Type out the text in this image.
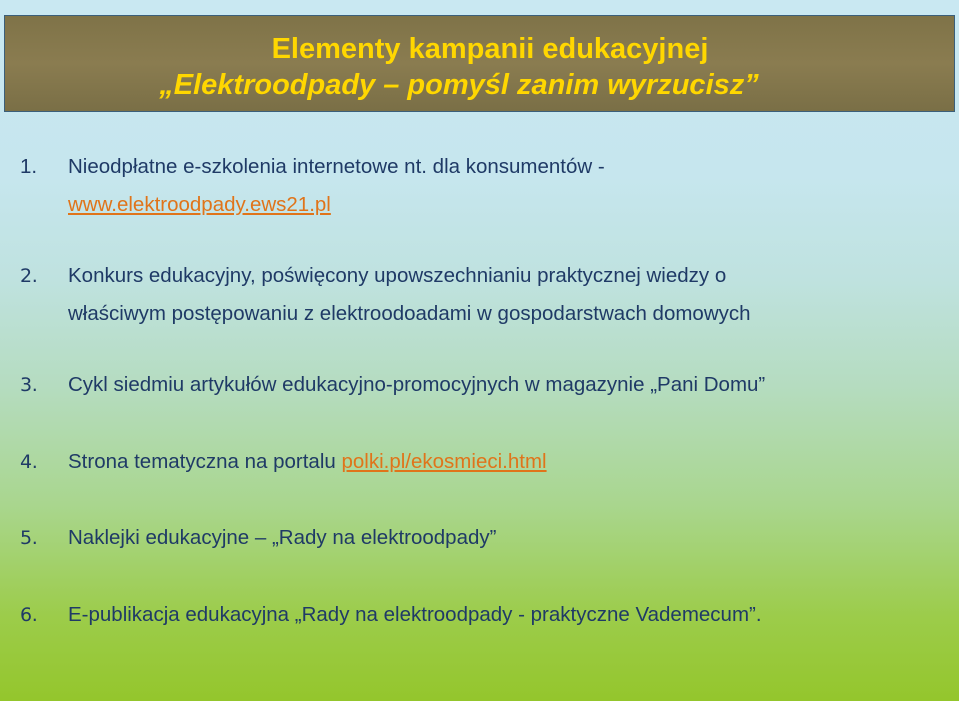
Elementy kampanii edukacyjnej
„Elektroodpady – pomyśl zanim wyrzucisz”
1. Nieodpłatne e-szkolenia internetowe nt. dla konsumentów -
www.elektroodpady.ews21.pl
2. Konkurs edukacyjny, poświęcony upowszechnianiu praktycznej wiedzy o
właściwym postępowaniu z elektroodoadami w gospodarstwach domowych
3. Cykl siedmiu artykułów edukacyjno-promocyjnych w magazynie „Pani Domu”
4. Strona tematyczna na portalu polki.pl/ekosmieci.html
5. Naklejki edukacyjne – „Rady na elektroodpady”
6. E-publikacja edukacyjna „Rady na elektroodpady - praktyczne Vademecum”.
